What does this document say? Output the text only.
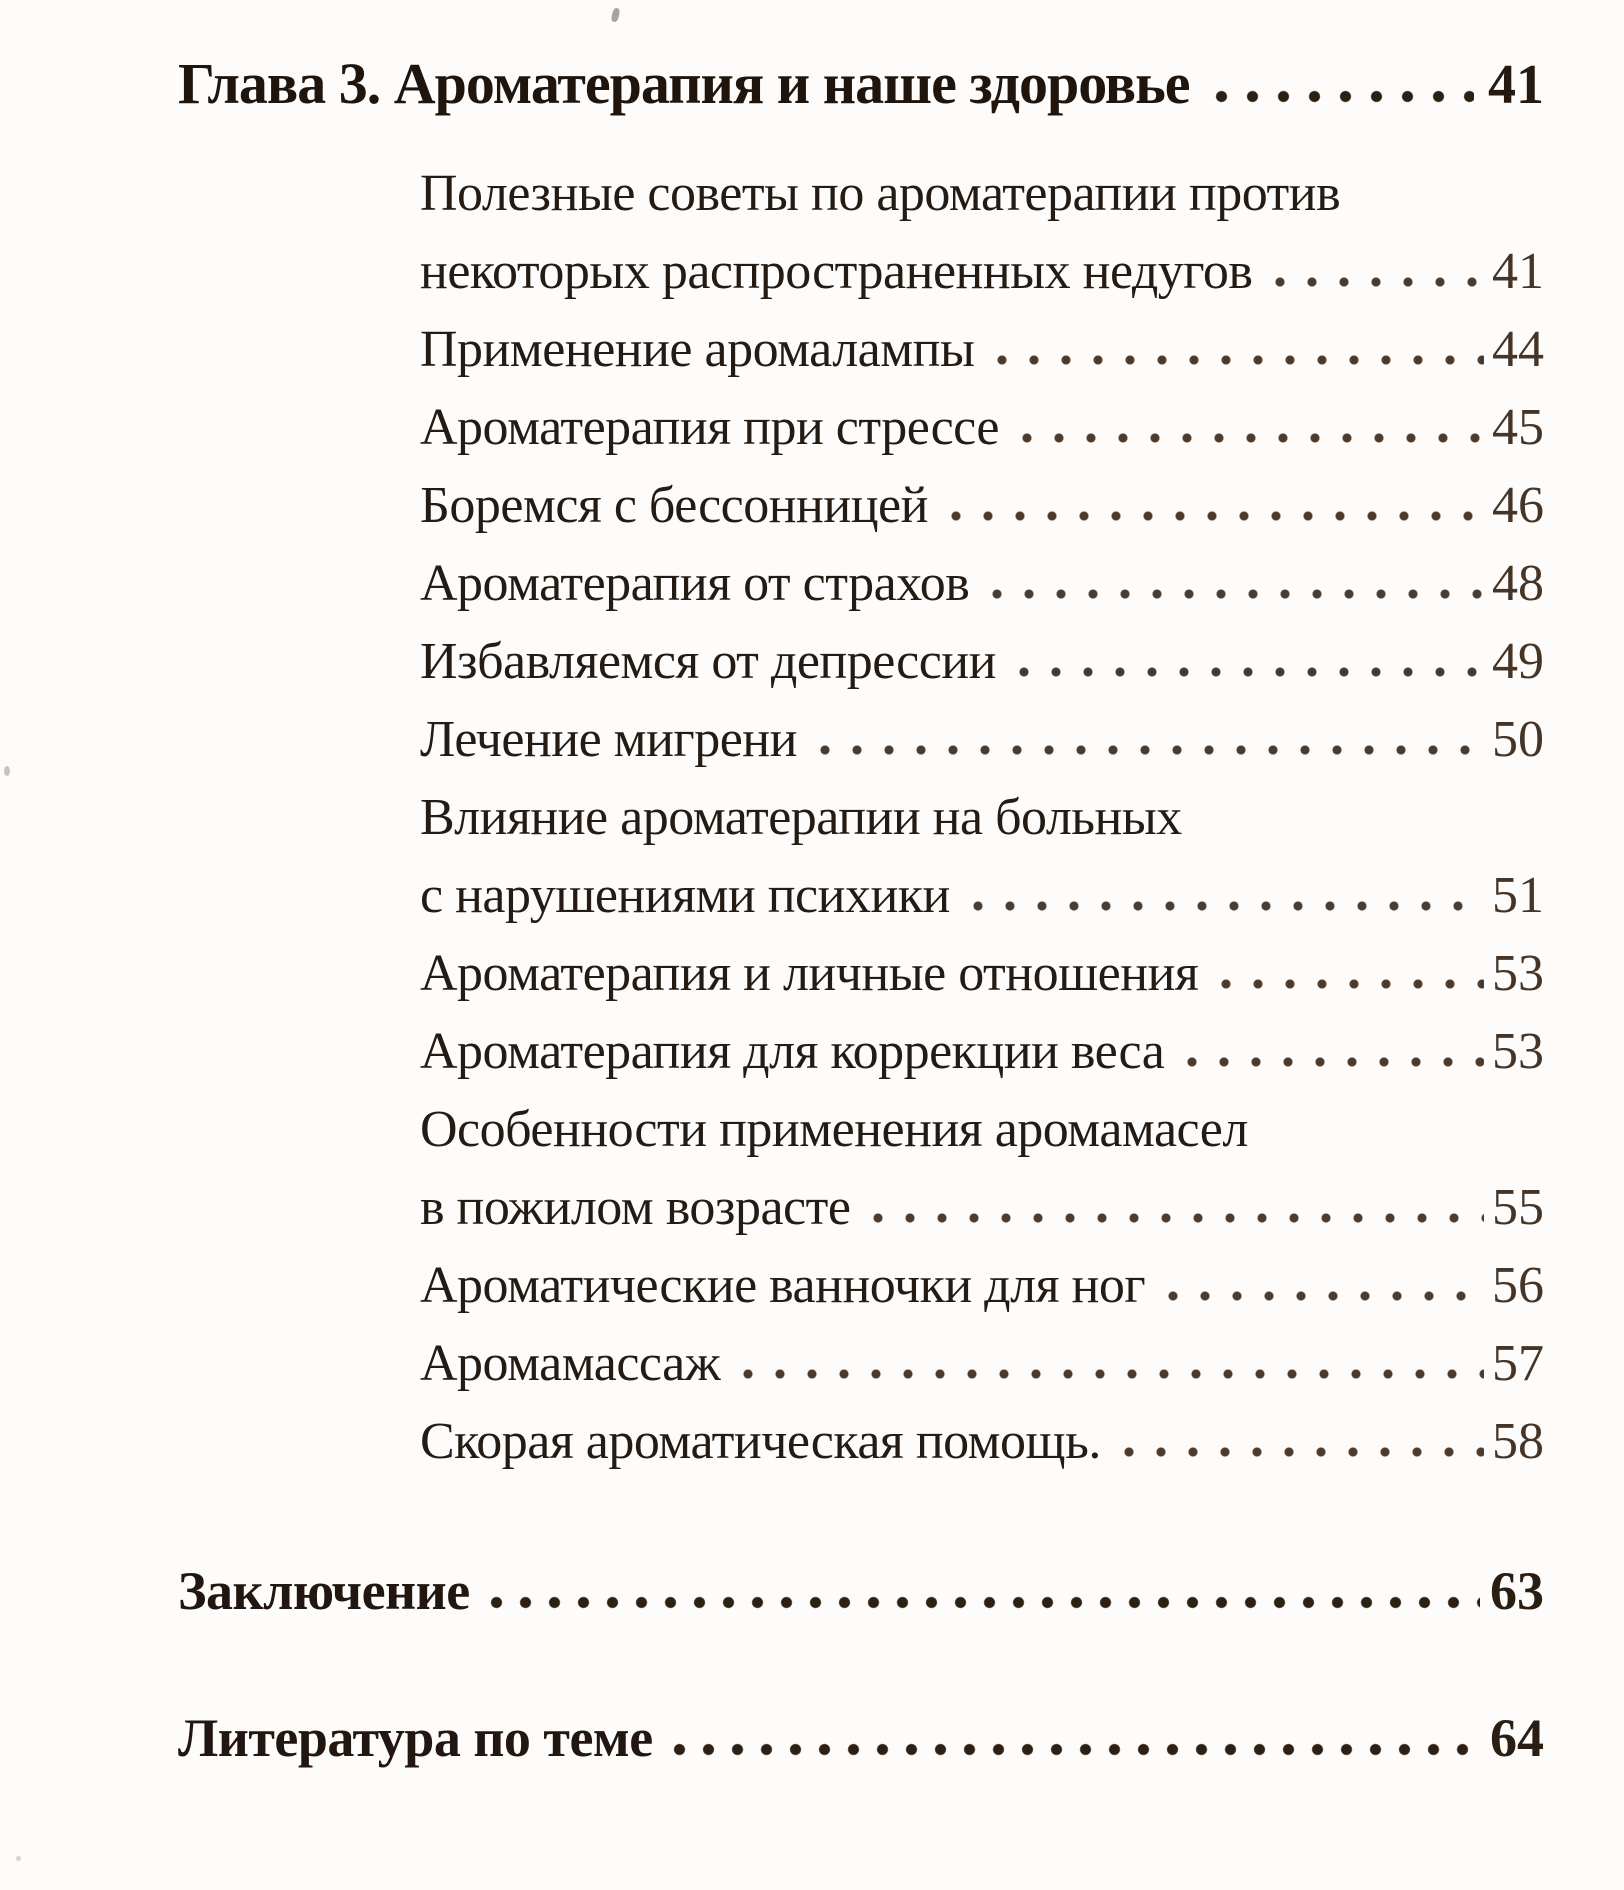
Глава 3. Ароматерапия и наше здоровье	41
Полезные советы по ароматерапии против
некоторых распространенных недугов	41
Применение аромалампы	44
Ароматерапия при стрессе	45
Боремся с бессонницей	46
Ароматерапия от страхов	48
Избавляемся от депрессии	49
Лечение мигрени	50
Влияние ароматерапии на больных
с нарушениями психики	51
Ароматерапия и личные отношения	53
Ароматерапия для коррекции веса	53
Особенности применения аромамасел
в пожилом возрасте	55
Ароматические ванночки для ног	56
Аромамассаж	57
Скорая ароматическая помощь.	58
Заключение	63
Литература по теме	64
